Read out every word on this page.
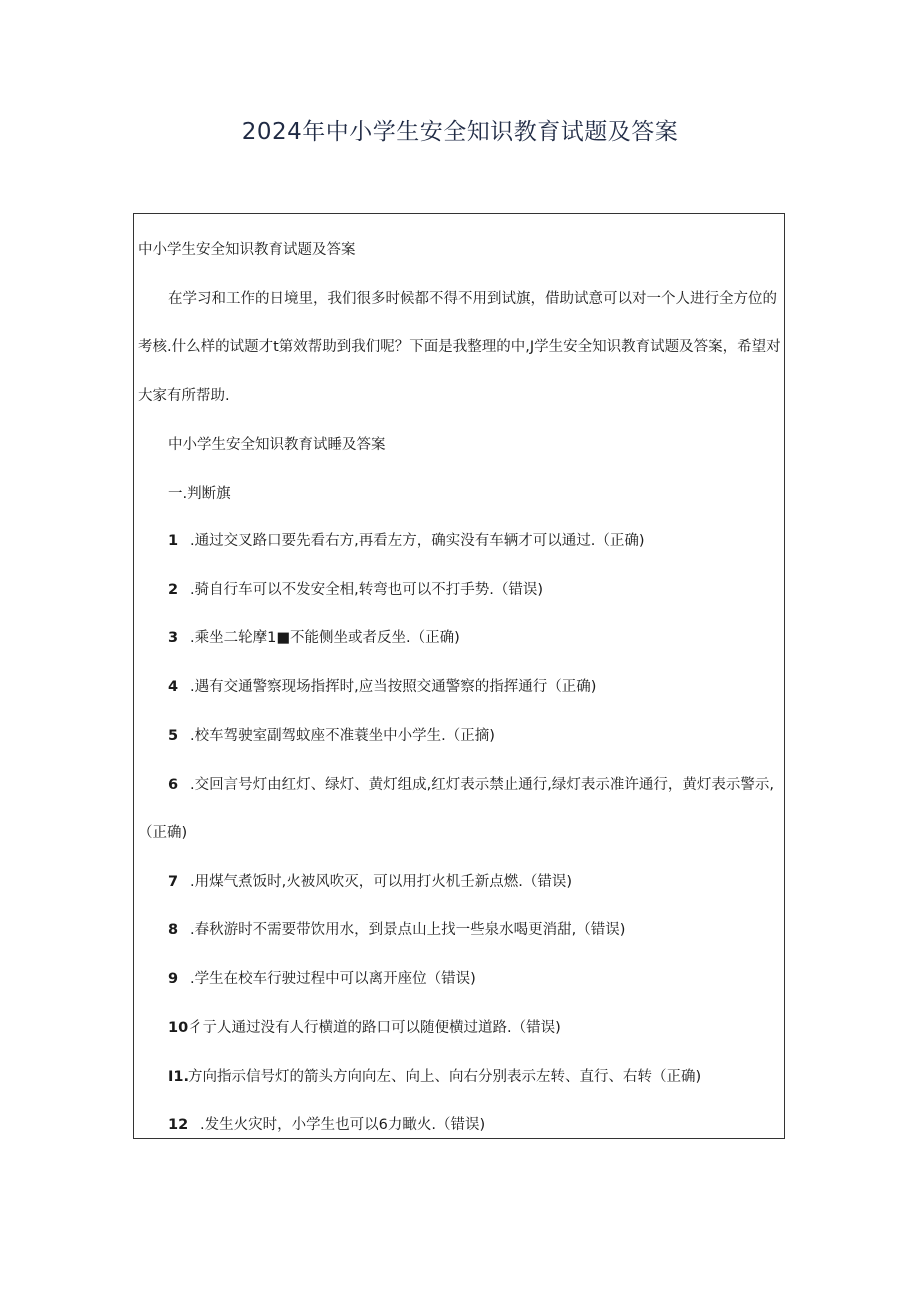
2024年中小学生安全知识教育试题及答案
中小学生安全知识教育试题及答案
在学习和工作的日境里，我们很多时候都不得不用到试旗，借助试意可以对一个人进行全方位的
考核.什么样的试题才t第效帮助到我们呢？下面是我整理的中,J学生安全知识教育试题及答案，希望对
大家有所帮助.
中小学生安全知识教育试睡及答案
一.判断旗
1 .通过交叉路口要先看右方,再看左方，确实没有车辆才可以通过.（正确)
2 .骑自行车可以不发安全相,转弯也可以不打手势.（错误)
3 .乘坐二轮摩1■不能侧坐或者反坐.（正确)
4 .遇有交通警察现场指挥时,应当按照交通警察的指挥通行（正确)
5 .校车驾驶室副驾蚊座不准蓑坐中小学生.（正摘)
6 .交回言号灯由红灯、绿灯、黄灯组成,红灯表示禁止通行,绿灯表示准许通行，黄灯表示警示,
（正确)
7 .用煤气煮饭时,火被风吹灭，可以用打火机壬新点燃.（错误)
8 .春秋游时不需要带饮用水，到景点山上找一些泉水喝更消甜,（错误)
9 .学生在校车行驶过程中可以离开座位（错误)
10彳亍人通过没有人行横道的路口可以随便横过道路.（错误)
I1.方向指示信号灯的箭头方向向左、向上、向右分别表示左转、直行、右转（正确)
12 .发生火灾时，小学生也可以6力瞰火.（错误)
